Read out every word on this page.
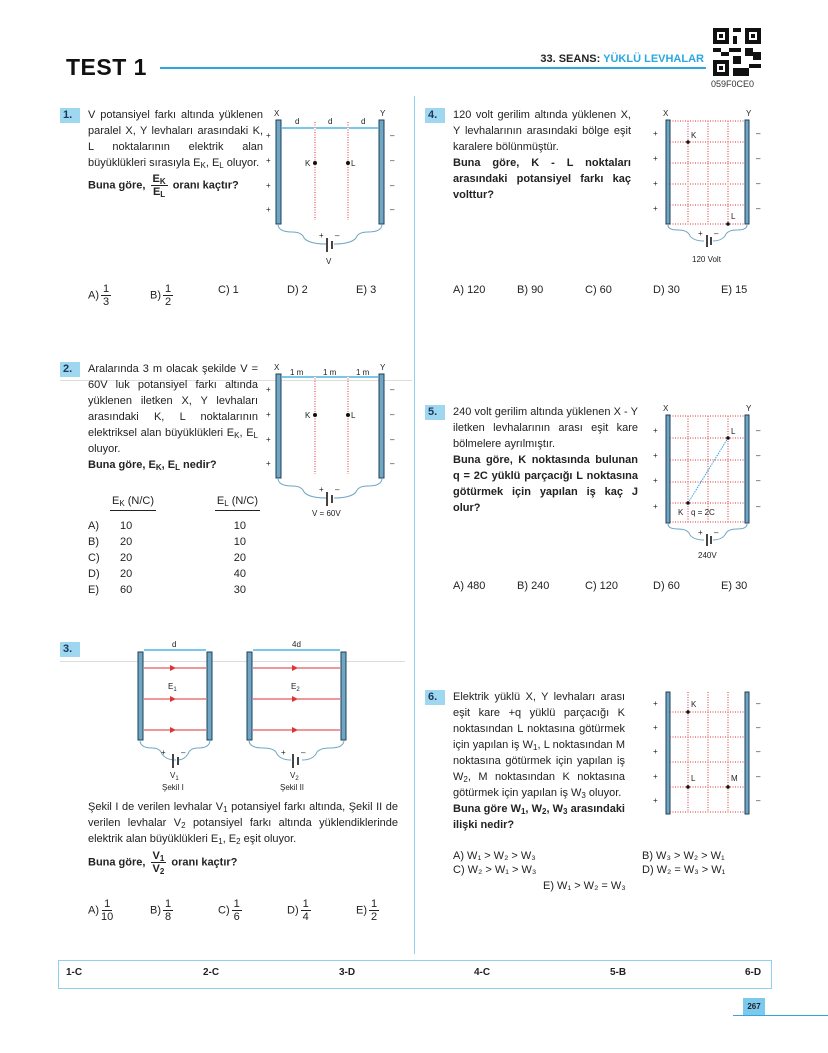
TEST 1	33. SEANS: YÜKLÜ LEVHALAR
059F0CE0
1.	V potansiyel farkı altında yüklenen paralel X, Y levhaları arasındaki K, L noktalarının elektrik alan büyüklükleri sırasıyla $E_K$, $E_L$ oluyor.
Buna göre, $\frac{E_K}{E_L}$ oranı kaçtır?
X	Y
+
+
+
+
–
–
–
–
d	d	d
K	L
+ –
V
$A) \frac{1}{3}$	$B) \frac{1}{2}$	C) 1	D) 2	E) 3
2.	Aralarında 3 m olacak şekilde V = 60V luk potansiyel farkı altında yüklenen iletken X, Y levhaları arasındaki K, L noktalarının elektriksel alan büyüklükleri $E_K$, $E_L$ oluyor.
Buna göre, $E_K$, $E_L$ nedir?
X	Y
+
+
+
+
–
–
–
–
1 m 1 m 1 m
K	L
+ –
V = 60V
	$E_K$ (N/C)	$E_L$ (N/C)

A)	10	10
B)	20	10
C)	20	20
D)	20	40
E)	60	30
3.	d
$E_1$
+ –
$V_1$
Şekil I
4d
$E_2$
+ –
$V_2$
Şekil II
Şekil I de verilen levhalar $V_1$ potansiyel farkı altında, Şekil II de verilen levhalar $V_2$ potansiyel farkı altında yüklendiklerinde elektrik alan büyüklükleri $E_1$, $E_2$ eşit oluyor.
Buna göre, $\frac{V_1}{V_2}$ oranı kaçtır?
$A) \frac{1}{10}$	$B) \frac{1}{8}$	$C) \frac{1}{6}$	$D) \frac{1}{4}$	$E) \frac{1}{2}$
4.	120 volt gerilim altında yüklenen X, Y levhalarının arasındaki bölge eşit karalere bölünmüştür.
Buna göre, K - L noktaları arasındaki potansiyel farkı kaç volttur?
X	Y
+
+
+
+
–
–
–
–
K
L
+ –
120 Volt
A) 120	B) 90	C) 60	D) 30	E) 15
5.	240 volt gerilim altında yüklenen X - Y iletken levhalarının arası eşit kare bölmelere ayrılmıştır.
Buna göre, K noktasında bulunan q = 2C yüklü parçacığı L noktasına götürmek için yapılan iş kaç J olur?
X	Y
+
+
+
+
–
–
–
–
K q = 2C
L
+ –
240V
A) 480	B) 240	C) 120	D) 60	E) 30
6.	Elektrik yüklü X, Y levhaları arası eşit kare +q yüklü parçacığı K noktasından L noktasına götürmek için yapılan iş $W_1$, L noktasından M noktasına götürmek için yapılan iş $W_2$, M noktasından K noktasına götürmek için yapılan iş $W_3$ oluyor.
Buna göre $W_1$, $W_2$, $W_3$ arasındaki ilişki nedir?
+
+
+
+
+
–
–
–
–
–
K
L	M
A) W₁ > W₂ > W₃	B) W₃ > W₂ > W₁
C) W₂ > W₁ > W₃	D) W₂ = W₃ > W₁
E) W₁ > W₂ = W₃
1-C	2-C	3-D	4-C	5-B	6-D
267
